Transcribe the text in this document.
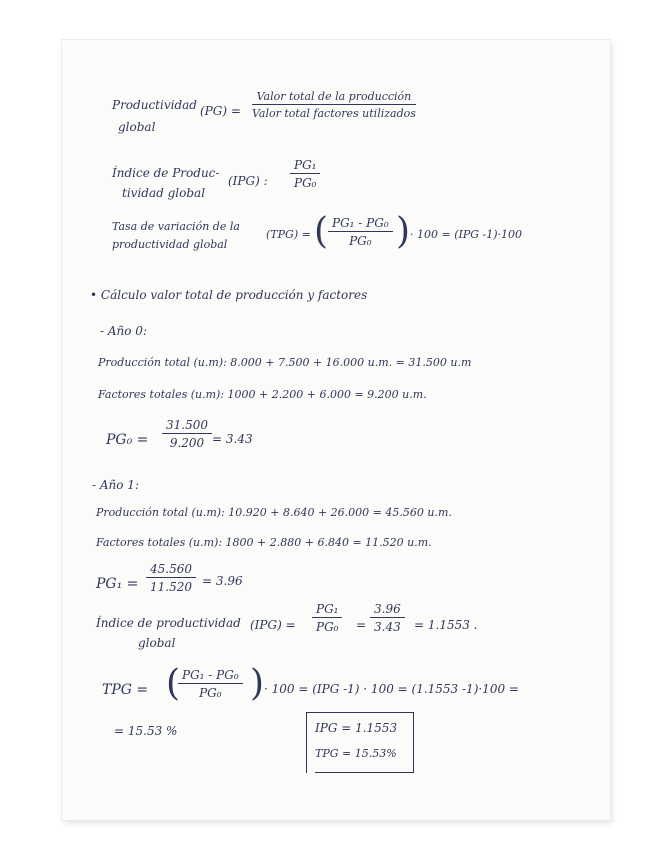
Productividad
global
(PG) =
Valor total de la producción
Valor total factores utilizados
Índice de Produc-
tividad global
(IPG) : $\frac{\text{PG₁}}{\text{PG₀}}$
Tasa de variación de la
productividad global
(TPG) = ( $\frac{\text{PG₁ - PG₀}}{\text{PG₀}}$ ) · 100 = (IPG -1)·100
• Cálculo valor total de producción y factores
- Año 0:
Producción total (u.m): 8.000 + 7.500 + 16.000 u.m. = 31.500 u.m
Factores totales (u.m): 1000 + 2.200 + 6.000 = 9.200 u.m.
$PG_0 = \frac{31.500}{9.200} = 3.43$
- Año 1:
Producción total (u.m): 10.920 + 8.640 + 26.000 = 45.560 u.m.
Factores totales (u.m): 1800 + 2.880 + 6.840 = 11.520 u.m.
$PG_1 = \frac{45.560}{11.520} = 3.96$
Índice de productividad
global
$(IPG) = \frac{\text{PG₁}}{\text{PG₀}} = \frac{3.96}{3.43} = 1.1553$ .
TPG = (
$\frac{\text{PG₁ - PG₀}}{\text{PG₀}}$ ) · 100 = (IPG -1) · 100 = (1.1553 -1)·100 =
= 15.53 %	IPG = 1.1553
TPG = 15.53%
